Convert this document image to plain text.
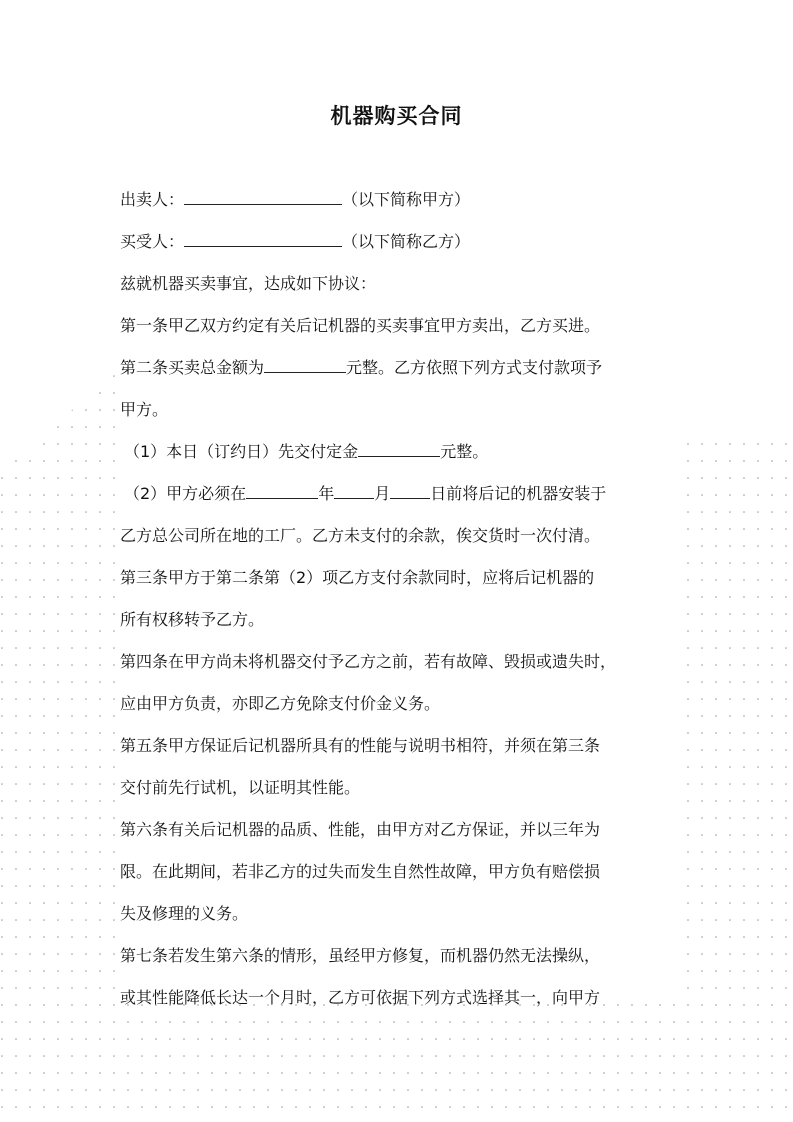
机器购买合同
出卖人：	（以下简称甲方）
买受人：	（以下简称乙方）
兹就机器买卖事宜，达成如下协议：
第一条甲乙双方约定有关后记机器的买卖事宜甲方卖出，乙方买进。
第二条买卖总金额为	元整。乙方依照下列方式支付款项予
甲方。
（1）本日（订约日）先交付定金	元整。
（2）甲方必须在	年	月	日前将后记的机器安装于
乙方总公司所在地的工厂。乙方未支付的余款，俟交货时一次付清。
第三条甲方于第二条第（2）项乙方支付余款同时，应将后记机器的
所有权移转予乙方。
第四条在甲方尚未将机器交付予乙方之前，若有故障、毁损或遗失时，
应由甲方负责，亦即乙方免除支付价金义务。
第五条甲方保证后记机器所具有的性能与说明书相符，并须在第三条
交付前先行试机，以证明其性能。
第六条有关后记机器的品质、性能，由甲方对乙方保证，并以三年为
限。在此期间，若非乙方的过失而发生自然性故障，甲方负有赔偿损
失及修理的义务。
第七条若发生第六条的情形，虽经甲方修复，而机器仍然无法操纵，
或其性能降低长达一个月时，乙方可依据下列方式选择其一，向甲方
